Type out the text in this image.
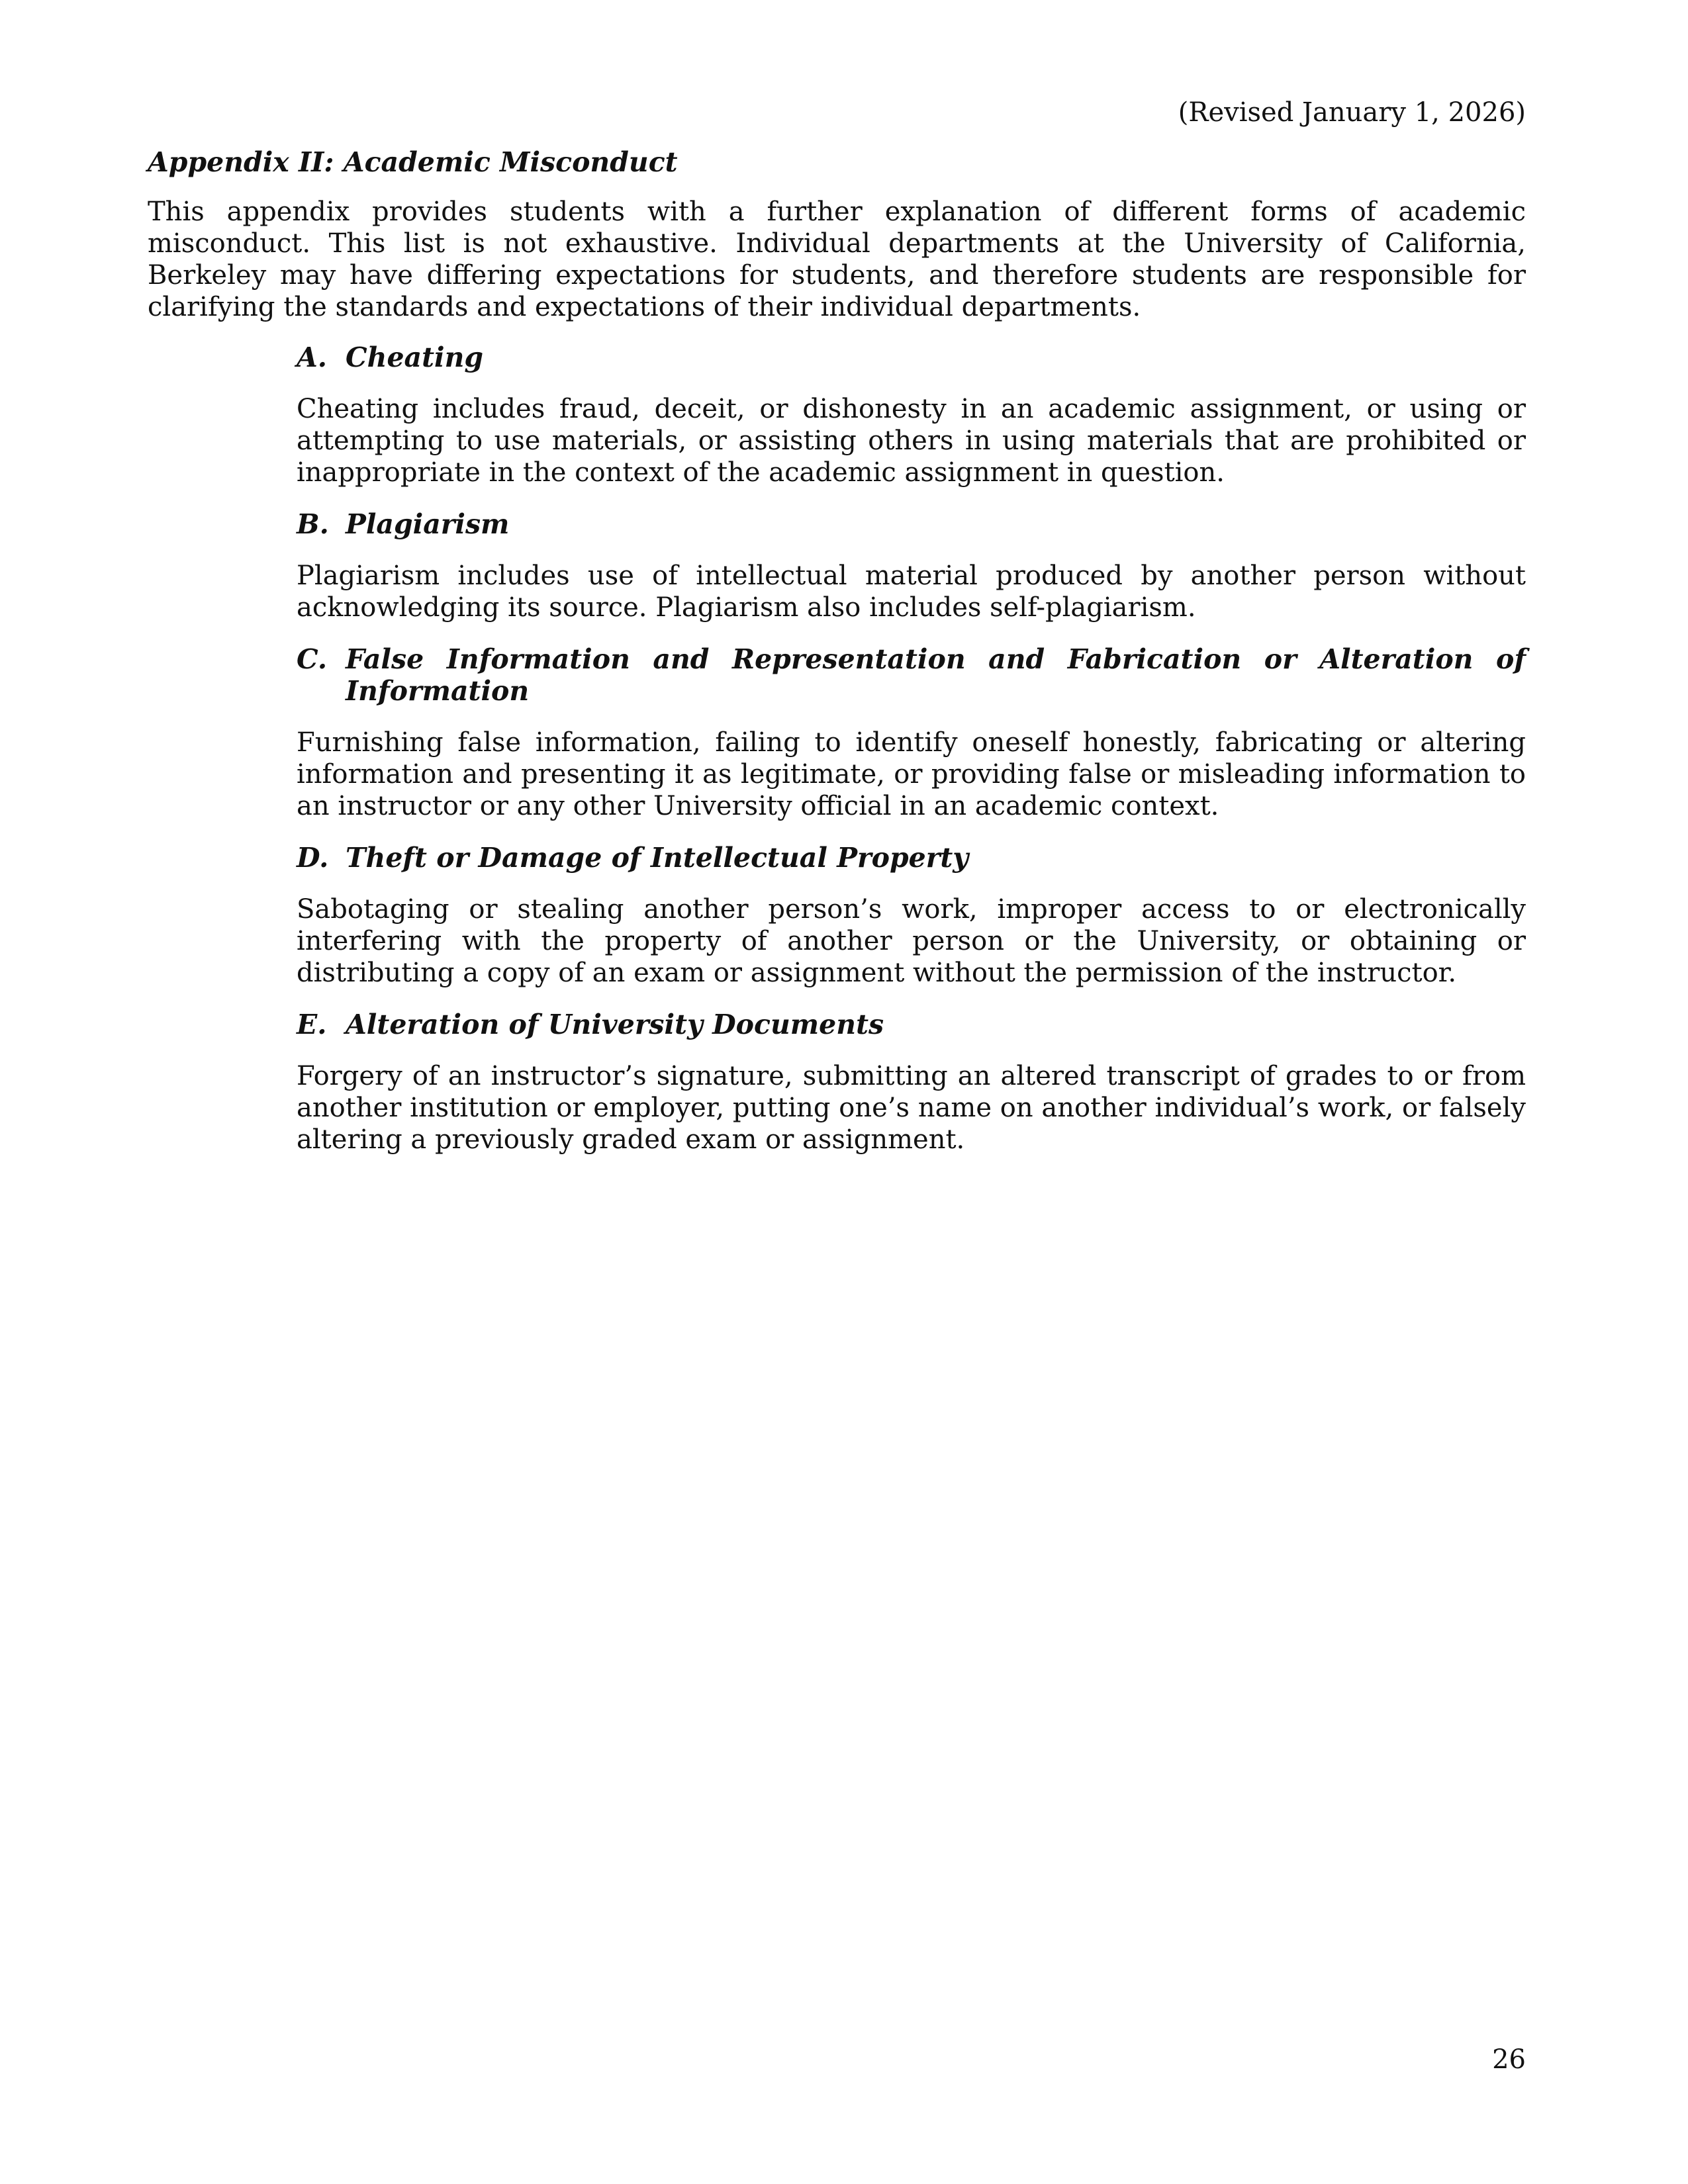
(Revised January 1, 2026)
Appendix II: Academic Misconduct

This appendix provides students with a further explanation of different forms of academic misconduct. This list is not exhaustive. Individual departments at the University of California, Berkeley may have differing expectations for students, and therefore students are responsible for clarifying the standards and expectations of their individual departments.

A. Cheating

Cheating includes fraud, deceit, or dishonesty in an academic assignment, or using or attempting to use materials, or assisting others in using materials that are prohibited or inappropriate in the context of the academic assignment in question.

B. Plagiarism

Plagiarism includes use of intellectual material produced by another person without acknowledging its source. Plagiarism also includes self-plagiarism.

C. False Information and Representation and Fabrication or Alteration of Information

Furnishing false information, failing to identify oneself honestly, fabricating or altering information and presenting it as legitimate, or providing false or misleading information to an instructor or any other University official in an academic context.

D. Theft or Damage of Intellectual Property

Sabotaging or stealing another person’s work, improper access to or electronically interfering with the property of another person or the University, or obtaining or distributing a copy of an exam or assignment without the permission of the instructor.

E. Alteration of University Documents

Forgery of an instructor’s signature, submitting an altered transcript of grades to or from another institution or employer, putting one’s name on another individual’s work, or falsely altering a previously graded exam or assignment.

26
